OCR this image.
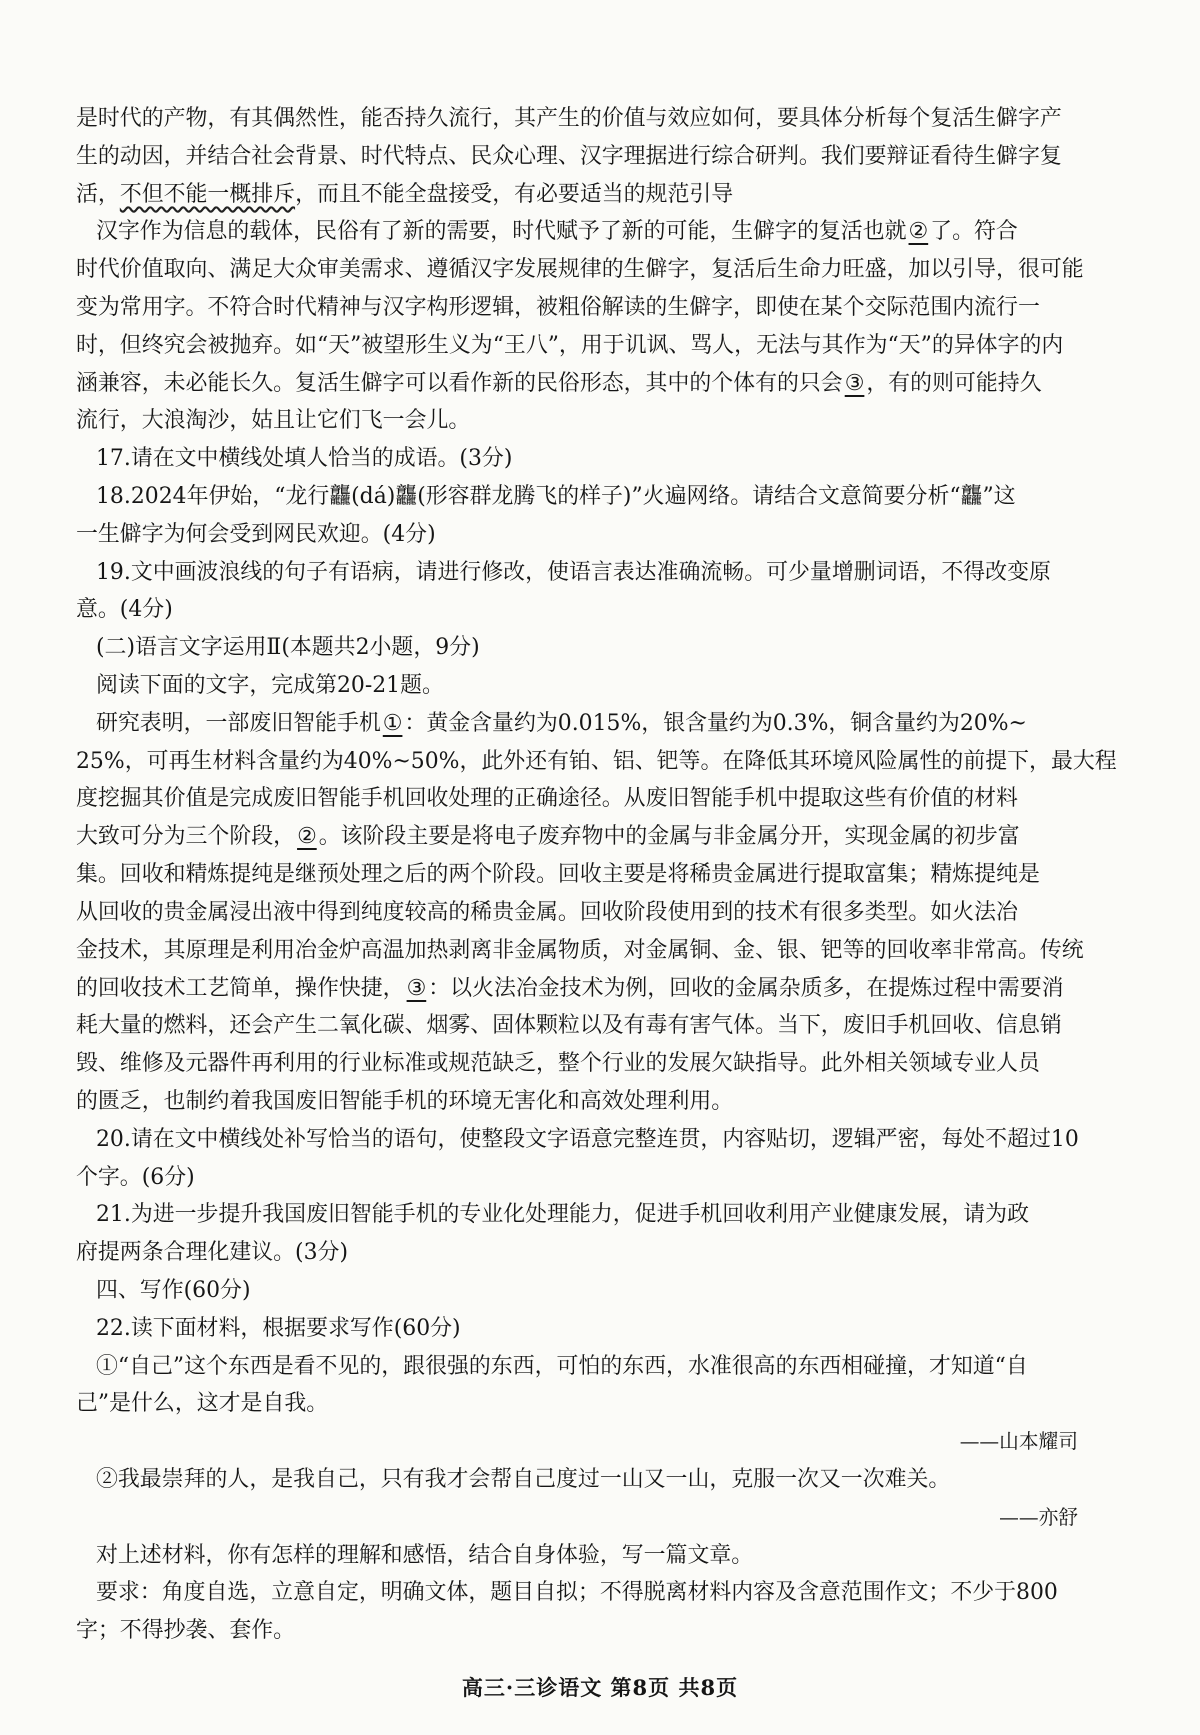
是时代的产物，有其偶然性，能否持久流行，其产生的价值与效应如何，要具体分析每个复活生僻字产
生的动因，并结合社会背景、时代特点、民众心理、汉字理据进行综合研判。我们要辩证看待生僻字复
活，不但不能一概排斥，而且不能全盘接受，有必要适当的规范引导
汉字作为信息的载体，民俗有了新的需要，时代赋予了新的可能，生僻字的复活也就②了。符合
时代价值取向、满足大众审美需求、遵循汉字发展规律的生僻字，复活后生命力旺盛，加以引导，很可能
变为常用字。不符合时代精神与汉字构形逻辑，被粗俗解读的生僻字，即使在某个交际范围内流行一
时，但终究会被抛弃。如“天”被望形生义为“王八”，用于讥讽、骂人，无法与其作为“天”的异体字的内
涵兼容，未必能长久。复活生僻字可以看作新的民俗形态，其中的个体有的只会③，有的则可能持久
流行，大浪淘沙，姑且让它们飞一会儿。
17.请在文中横线处填人恰当的成语。(3分)
18.2024年伊始，“龙行龘(dá)龘(形容群龙腾飞的样子)”火遍网络。请结合文意简要分析“龘”这
一生僻字为何会受到网民欢迎。(4分)
19.文中画波浪线的句子有语病，请进行修改，使语言表达准确流畅。可少量增删词语，不得改变原
意。(4分)
(二)语言文字运用Ⅱ(本题共2小题，9分)
阅读下面的文字，完成第20-21题。
研究表明，一部废旧智能手机①：黄金含量约为0.015%，银含量约为0.3%，铜含量约为20%~
25%，可再生材料含量约为40%~50%，此外还有铂、铝、钯等。在降低其环境风险属性的前提下，最大程
度挖掘其价值是完成废旧智能手机回收处理的正确途径。从废旧智能手机中提取这些有价值的材料
大致可分为三个阶段，②。该阶段主要是将电子废弃物中的金属与非金属分开，实现金属的初步富
集。回收和精炼提纯是继预处理之后的两个阶段。回收主要是将稀贵金属进行提取富集；精炼提纯是
从回收的贵金属浸出液中得到纯度较高的稀贵金属。回收阶段使用到的技术有很多类型。如火法冶
金技术，其原理是利用冶金炉高温加热剥离非金属物质，对金属铜、金、银、钯等的回收率非常高。传统
的回收技术工艺简单，操作快捷，③：以火法冶金技术为例，回收的金属杂质多，在提炼过程中需要消
耗大量的燃料，还会产生二氧化碳、烟雾、固体颗粒以及有毒有害气体。当下，废旧手机回收、信息销
毁、维修及元器件再利用的行业标准或规范缺乏，整个行业的发展欠缺指导。此外相关领域专业人员
的匮乏，也制约着我国废旧智能手机的环境无害化和高效处理利用。
20.请在文中横线处补写恰当的语句，使整段文字语意完整连贯，内容贴切，逻辑严密，每处不超过10
个字。(6分)
21.为进一步提升我国废旧智能手机的专业化处理能力，促进手机回收利用产业健康发展，请为政
府提两条合理化建议。(3分)
四、写作(60分)
22.读下面材料，根据要求写作(60分)
①“自己”这个东西是看不见的，跟很强的东西，可怕的东西，水准很高的东西相碰撞，才知道“自
己”是什么，这才是自我。
——山本耀司
②我最崇拜的人，是我自己，只有我才会帮自己度过一山又一山，克服一次又一次难关。
——亦舒
对上述材料，你有怎样的理解和感悟，结合自身体验，写一篇文章。
要求：角度自选，立意自定，明确文体，题目自拟；不得脱离材料内容及含意范围作文；不少于800
字；不得抄袭、套作。
高三·三诊语文 第8页 共8页
